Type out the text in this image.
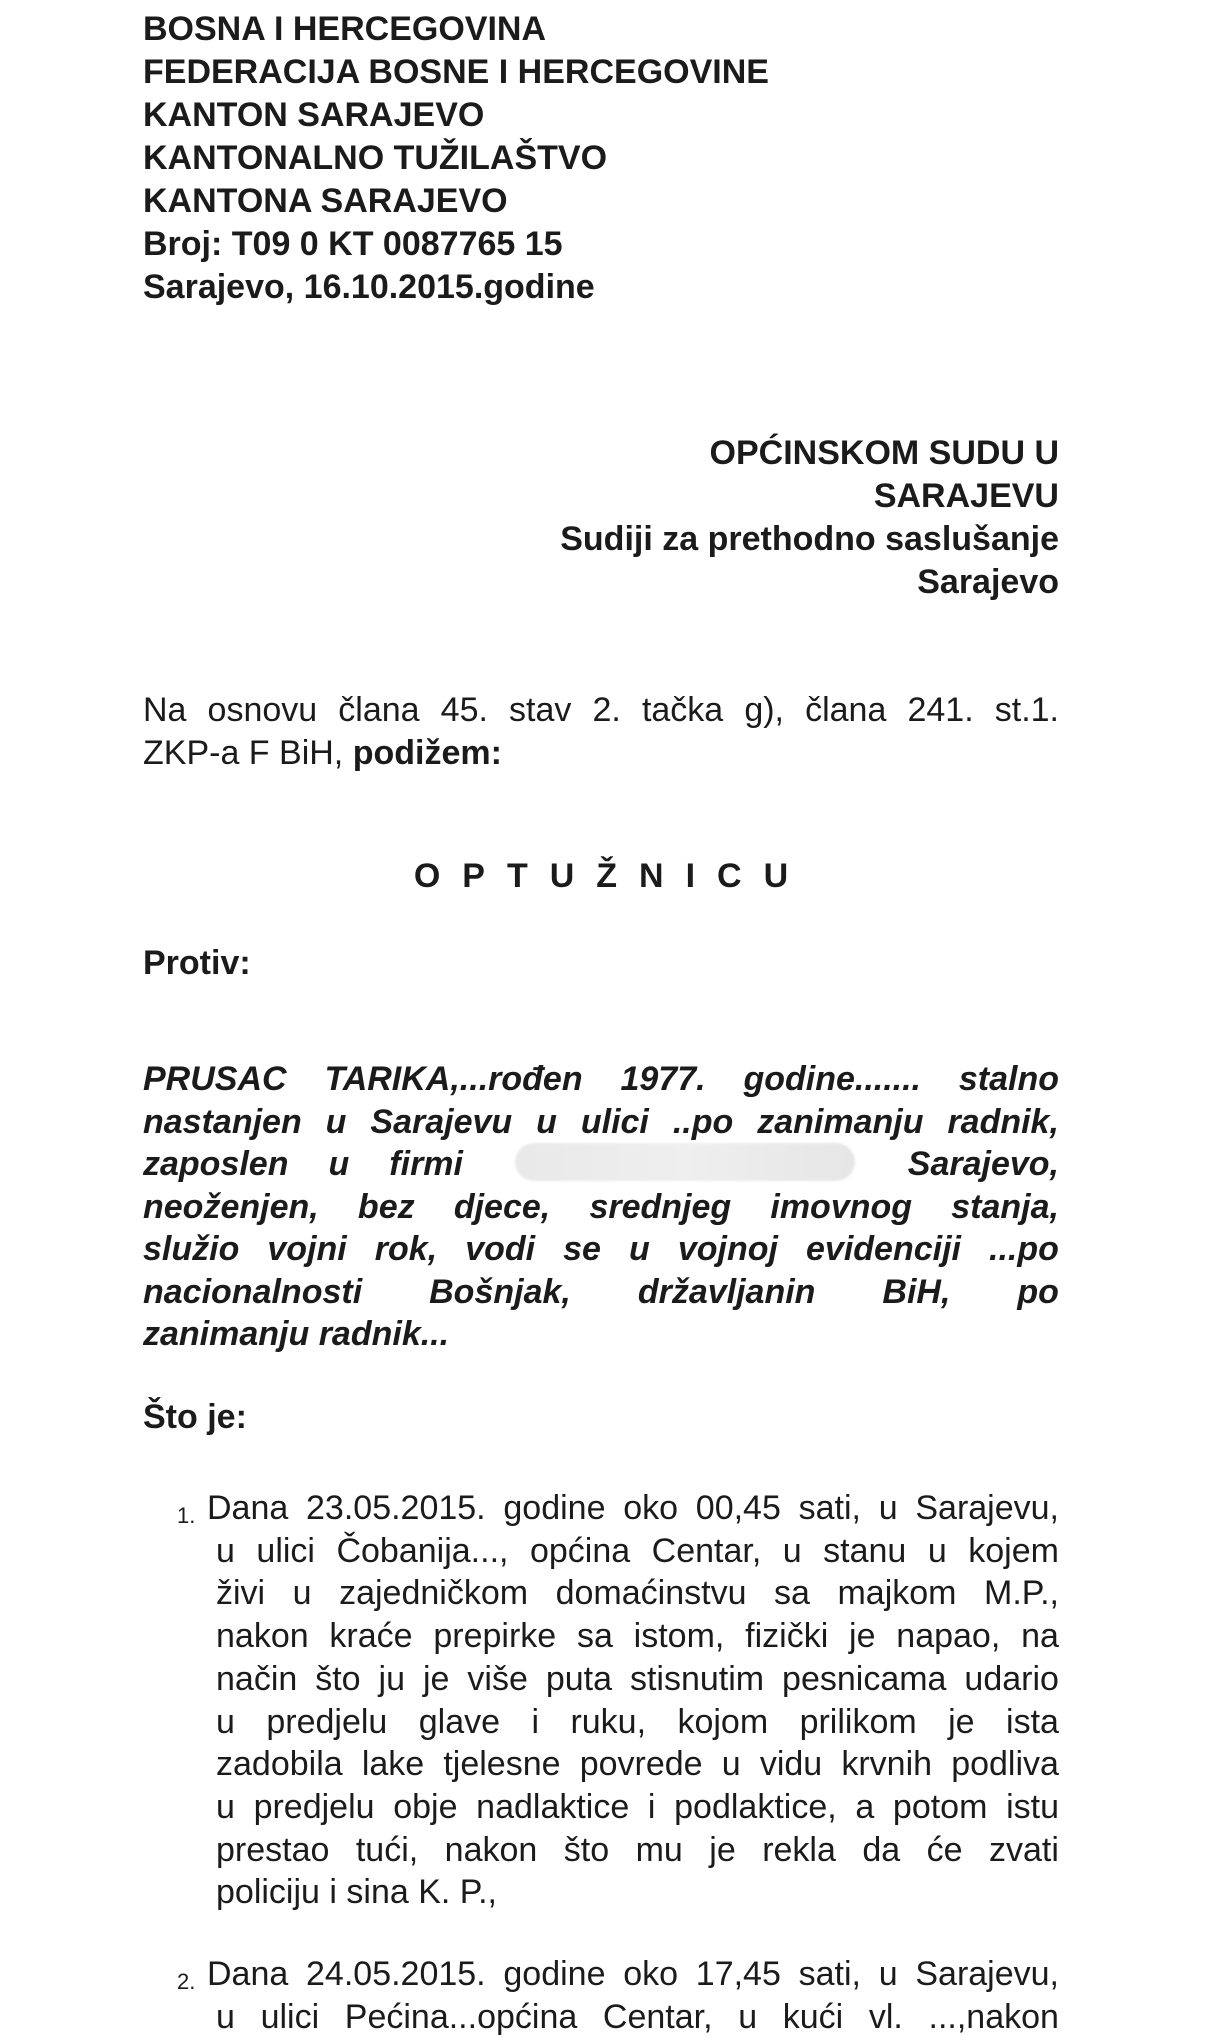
BOSNA I HERCEGOVINA
FEDERACIJA BOSNE I HERCEGOVINE
KANTON SARAJEVO
KANTONALNO TUŽILAŠTVO
KANTONA SARAJEVO
Broj: T09 0 KT 0087765 15
Sarajevo, 16.10.2015.godine
OPĆINSKOM SUDU U
SARAJEVU
Sudiji za prethodno saslušanje
Sarajevo
Na osnovu člana 45. stav 2. tačka g), člana 241. st.1.
ZKP-a F BiH, podižem:
OPTUŽNICU
Protiv:
PRUSAC TARIKA,...rođen 1977. godine....... stalno
nastanjen u Sarajevu u ulici ..po zanimanju radnik,
zaposlen u firmi	Sarajevo,
neoženjen, bez djece, srednjeg imovnog stanja,
služio vojni rok, vodi se u vojnoj evidenciji ...po
nacionalnosti Bošnjak, državljanin BiH, po
zanimanju radnik...
Što je:
1. Dana 23.05.2015. godine oko 00,45 sati, u Sarajevu,
u ulici Čobanija..., općina Centar, u stanu u kojem
živi u zajedničkom domaćinstvu sa majkom M.P.,
nakon kraće prepirke sa istom, fizički je napao, na
način što ju je više puta stisnutim pesnicama udario
u predjelu glave i ruku, kojom prilikom je ista
zadobila lake tjelesne povrede u vidu krvnih podliva
u predjelu obje nadlaktice i podlaktice, a potom istu
prestao tući, nakon što mu je rekla da će zvati
policiju i sina K. P.,
2. Dana 24.05.2015. godine oko 17,45 sati, u Sarajevu,
u ulici Pećina...općina Centar, u kući vl. ...,nakon
